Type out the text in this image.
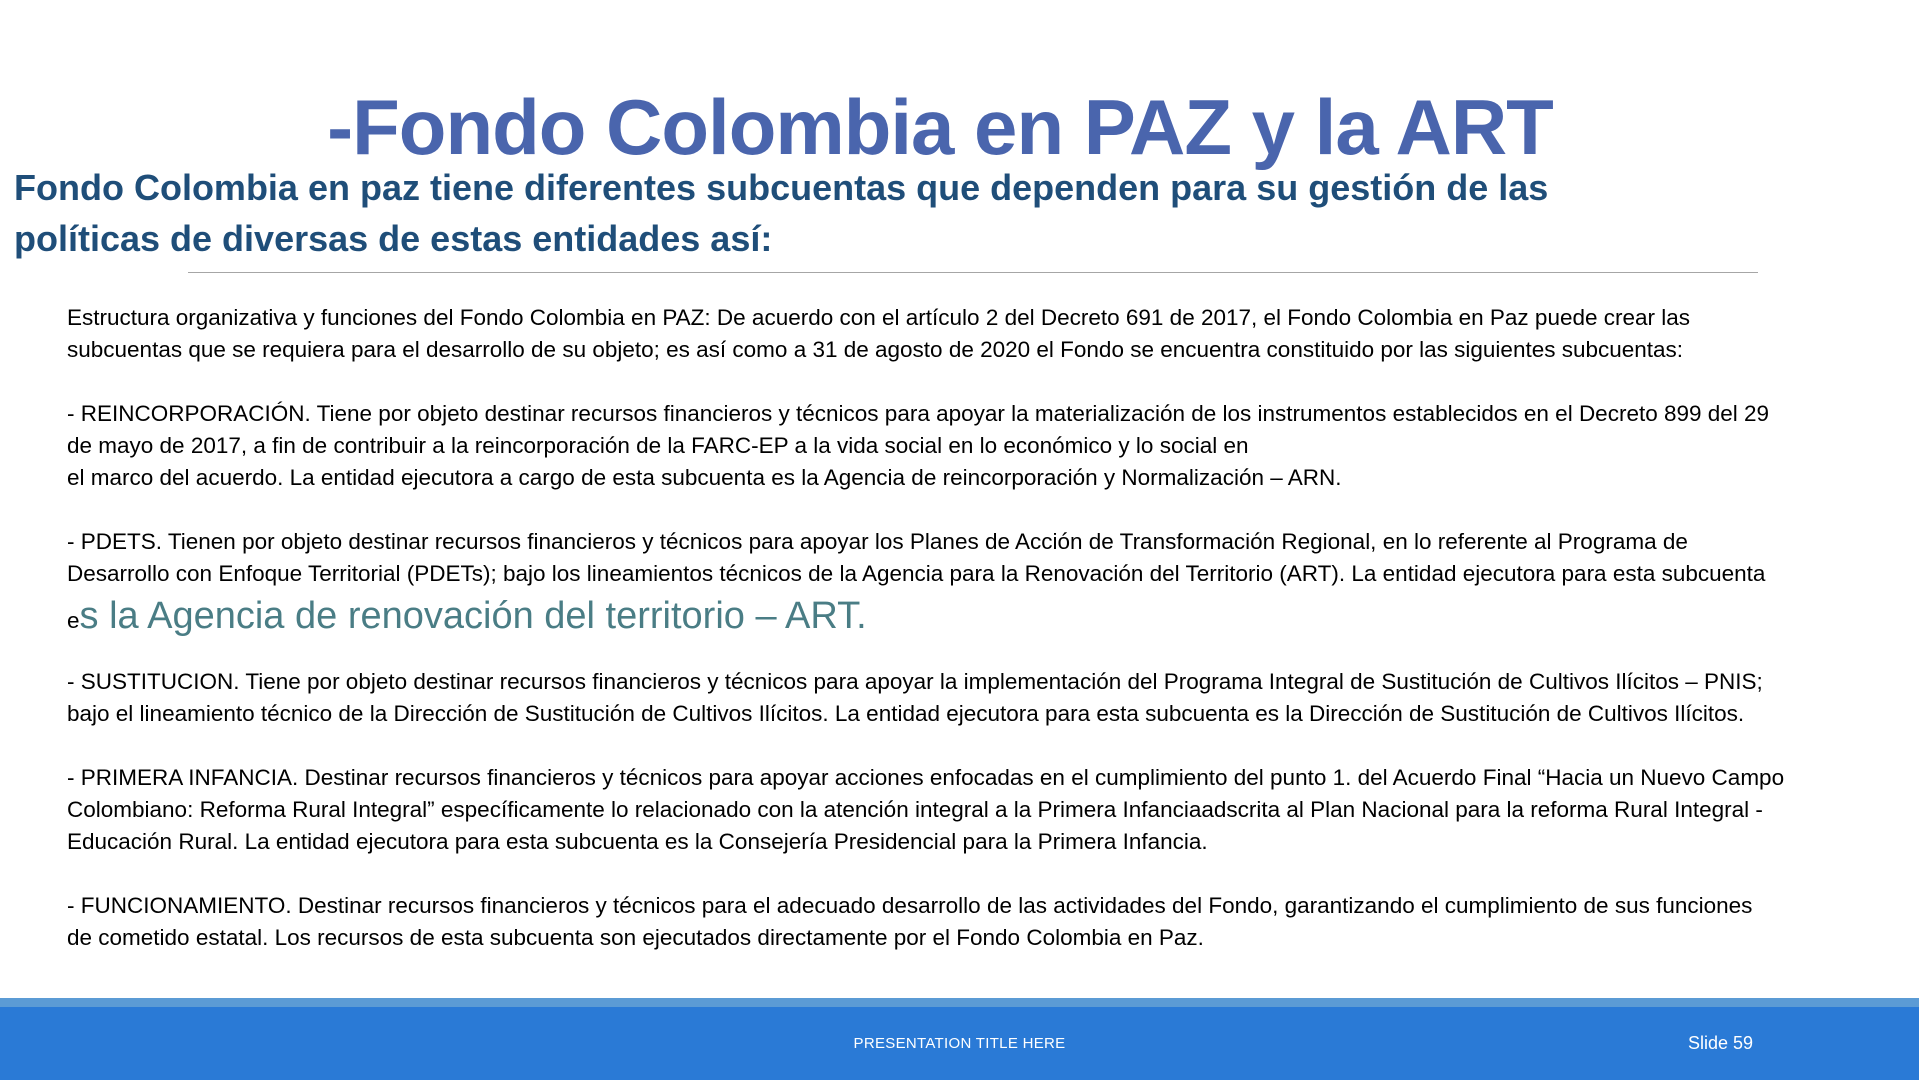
-Fondo Colombia en PAZ y la ART
Fondo Colombia en paz tiene diferentes subcuentas que dependen para su gestión de las
políticas de diversas de estas entidades así:
Estructura organizativa y funciones del Fondo Colombia en PAZ: De acuerdo con el artículo 2 del Decreto 691 de 2017, el Fondo Colombia en Paz puede crear las
subcuentas que se requiera para el desarrollo de su objeto; es así como a 31 de agosto de 2020 el Fondo se encuentra constituido por las siguientes subcuentas:
- REINCORPORACIÓN. Tiene por objeto destinar recursos financieros y técnicos para apoyar la materialización de los instrumentos establecidos en el Decreto 899 del 29
de mayo de 2017, a fin de contribuir a la reincorporación de la FARC-EP a la vida social en lo económico y lo social en
el marco del acuerdo. La entidad ejecutora a cargo de esta subcuenta es la Agencia de reincorporación y Normalización – ARN.
- PDETS. Tienen por objeto destinar recursos financieros y técnicos para apoyar los Planes de Acción de Transformación Regional, en lo referente al Programa de
Desarrollo con Enfoque Territorial (PDETs); bajo los lineamientos técnicos de la Agencia para la Renovación del Territorio (ART). La entidad ejecutora para esta subcuenta
es la Agencia de renovación del territorio – ART.
- SUSTITUCION. Tiene por objeto destinar recursos financieros y técnicos para apoyar la implementación del Programa Integral de Sustitución de Cultivos Ilícitos – PNIS;
bajo el lineamiento técnico de la Dirección de Sustitución de Cultivos Ilícitos. La entidad ejecutora para esta subcuenta es la Dirección de Sustitución de Cultivos Ilícitos.
- PRIMERA INFANCIA. Destinar recursos financieros y técnicos para apoyar acciones enfocadas en el cumplimiento del punto 1. del Acuerdo Final “Hacia un Nuevo Campo
Colombiano: Reforma Rural Integral” específicamente lo relacionado con la atención integral a la Primera Infanciaadscrita al Plan Nacional para la reforma Rural Integral -
Educación Rural. La entidad ejecutora para esta subcuenta es la Consejería Presidencial para la Primera Infancia.
- FUNCIONAMIENTO. Destinar recursos financieros y técnicos para el adecuado desarrollo de las actividades del Fondo, garantizando el cumplimiento de sus funciones
de cometido estatal. Los recursos de esta subcuenta son ejecutados directamente por el Fondo Colombia en Paz.
PRESENTATION TITLE HERE	Slide 59
